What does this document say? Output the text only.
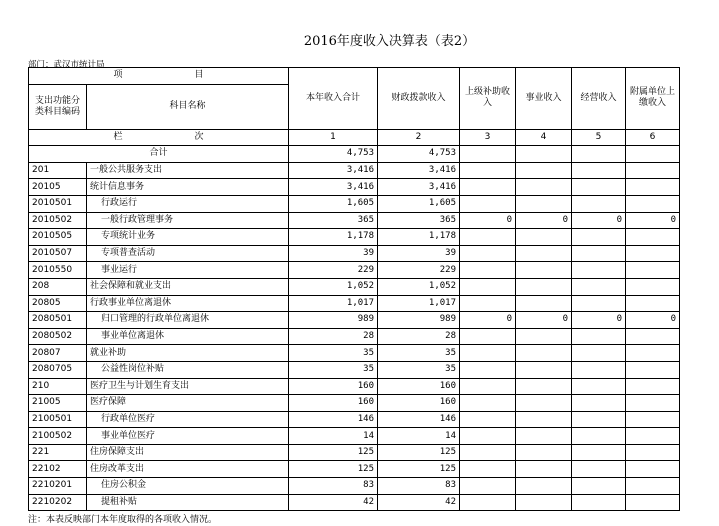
2016年度收入决算表（表2）
部门：武汉市统计局
项　　　　　　　　目		本年收入合计	财政拨款收入	上级补助收入	事业收入	经营收入	附属单位上缴收入
支出功能分类科目编码	科目名称						

栏　　　　　　　　次		1	2	3	4	5	6
合计		4,753	4,753				
201	一般公共服务支出	3,416	3,416				
20105	统计信息事务	3,416	3,416				
2010501	行政运行	1,605	1,605				
2010502	一般行政管理事务	365	365	0	0	0	0
2010505	专项统计业务	1,178	1,178				
2010507	专项普查活动	39	39				
2010550	事业运行	229	229				
208	社会保障和就业支出	1,052	1,052				
20805	行政事业单位离退休	1,017	1,017				
2080501	归口管理的行政单位离退休	989	989	0	0	0	0
2080502	事业单位离退休	28	28				
20807	就业补助	35	35				
2080705	公益性岗位补贴	35	35				
210	医疗卫生与计划生育支出	160	160				
21005	医疗保障	160	160				
2100501	行政单位医疗	146	146				
2100502	事业单位医疗	14	14				
221	住房保障支出	125	125				
22102	住房改革支出	125	125				
2210201	住房公积金	83	83				
2210202	提租补贴	42	42				
注：本表反映部门本年度取得的各项收入情况。
